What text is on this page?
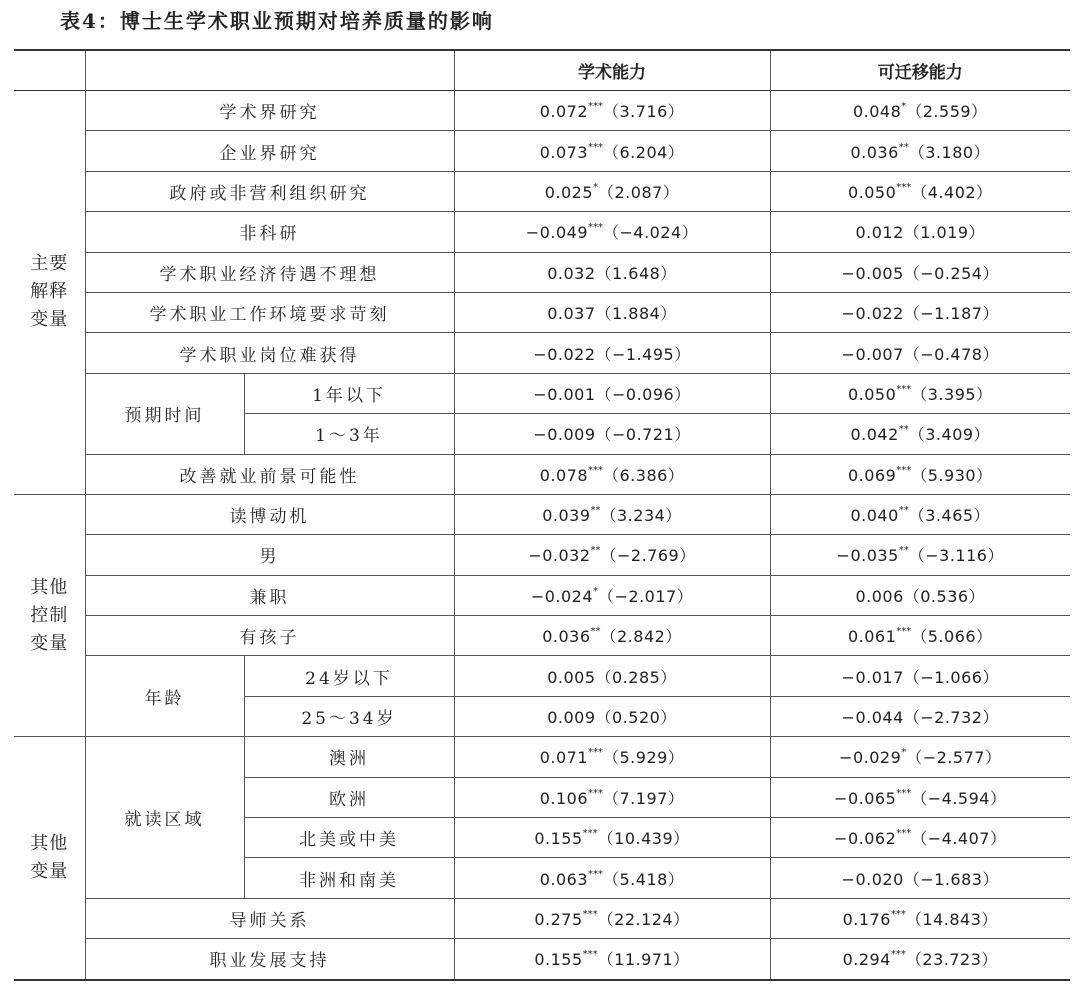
表4：博士生学术职业预期对培养质量的影响
			学术能力	可迁移能力
主要
解释
变量	学术界研究		0.072***（3.716）	0.048*（2.559）
	企业界研究		0.073***（6.204）	0.036**（3.180）
	政府或非营利组织研究		0.025*（2.087）	0.050***（4.402）
	非科研		−0.049***（−4.024）	0.012（1.019）
	学术职业经济待遇不理想		0.032（1.648）	−0.005（−0.254）
	学术职业工作环境要求苛刻		0.037（1.884）	−0.022（−1.187）
	学术职业岗位难获得		−0.022（−1.495）	−0.007（−0.478）
	预期时间	1年以下	−0.001（−0.096）	0.050***（3.395）
		1～3年	−0.009（−0.721）	0.042**（3.409）
	改善就业前景可能性		0.078***（6.386）	0.069***（5.930）
其他
控制
变量	读博动机		0.039**（3.234）	0.040**（3.465）
	男		−0.032**（−2.769）	−0.035**（−3.116）
	兼职		−0.024*（−2.017）	0.006（0.536）
	有孩子		0.036**（2.842）	0.061***（5.066）
	年龄	24岁以下	0.005（0.285）	−0.017（−1.066）
		25～34岁	0.009（0.520）	−0.044（−2.732）
其他
变量	就读区域	澳洲	0.071***（5.929）	−0.029*（−2.577）
		欧洲	0.106***（7.197）	−0.065***（−4.594）
		北美或中美	0.155***（10.439）	−0.062***（−4.407）
		非洲和南美	0.063***（5.418）	−0.020（−1.683）
	导师关系		0.275***（22.124）	0.176***（14.843）
	职业发展支持		0.155***（11.971）	0.294***（23.723）
